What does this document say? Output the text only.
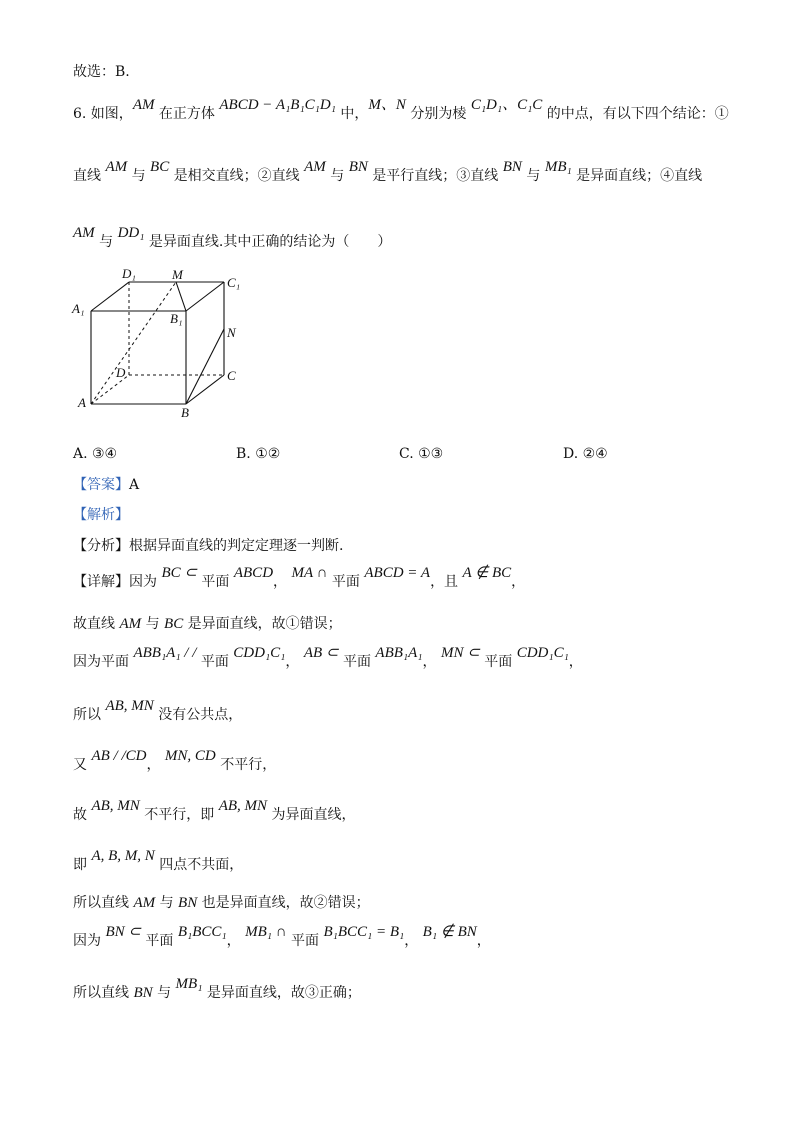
故选：B.
6. 如图，AM 在正方体 ABCD − A₁B₁C₁D₁ 中，M、N 分别为棱 C₁D₁、C₁C 的中点，有以下四个结论：①
直线 AM 与 BC 是相交直线；②直线 AM 与 BN 是平行直线；③直线 BN 与 MB₁ 是异面直线；④直线
AM 与 DD₁ 是异面直线.其中正确的结论为（　　）
D₁	M
C₁
A₁
B₁
N
D	C
A
B
A. ③④	B. ①②	C. ①③	D. ②④
【答案】A
【解析】
【分析】根据异面直线的判定定理逐一判断.
【详解】因为 BC ⊂ 平面 ABCD， MA ∩ 平面 ABCD = A，且 A ∉ BC，
故直线 AM 与 BC 是异面直线，故①错误；
因为平面 ABB₁A₁ / / 平面 CDD₁C₁， AB ⊂ 平面 ABB₁A₁， MN ⊂ 平面 CDD₁C₁，
所以 AB, MN 没有公共点，
又 AB / /CD， MN, CD 不平行，
故 AB, MN 不平行，即 AB, MN 为异面直线，
即 A, B, M, N 四点不共面，
所以直线 AM 与 BN 也是异面直线，故②错误；
因为 BN ⊂ 平面 B₁BCC₁， MB₁ ∩ 平面 B₁BCC₁ = B₁， B₁ ∉ BN，
所以直线 BN 与 MB₁ 是异面直线，故③正确；
